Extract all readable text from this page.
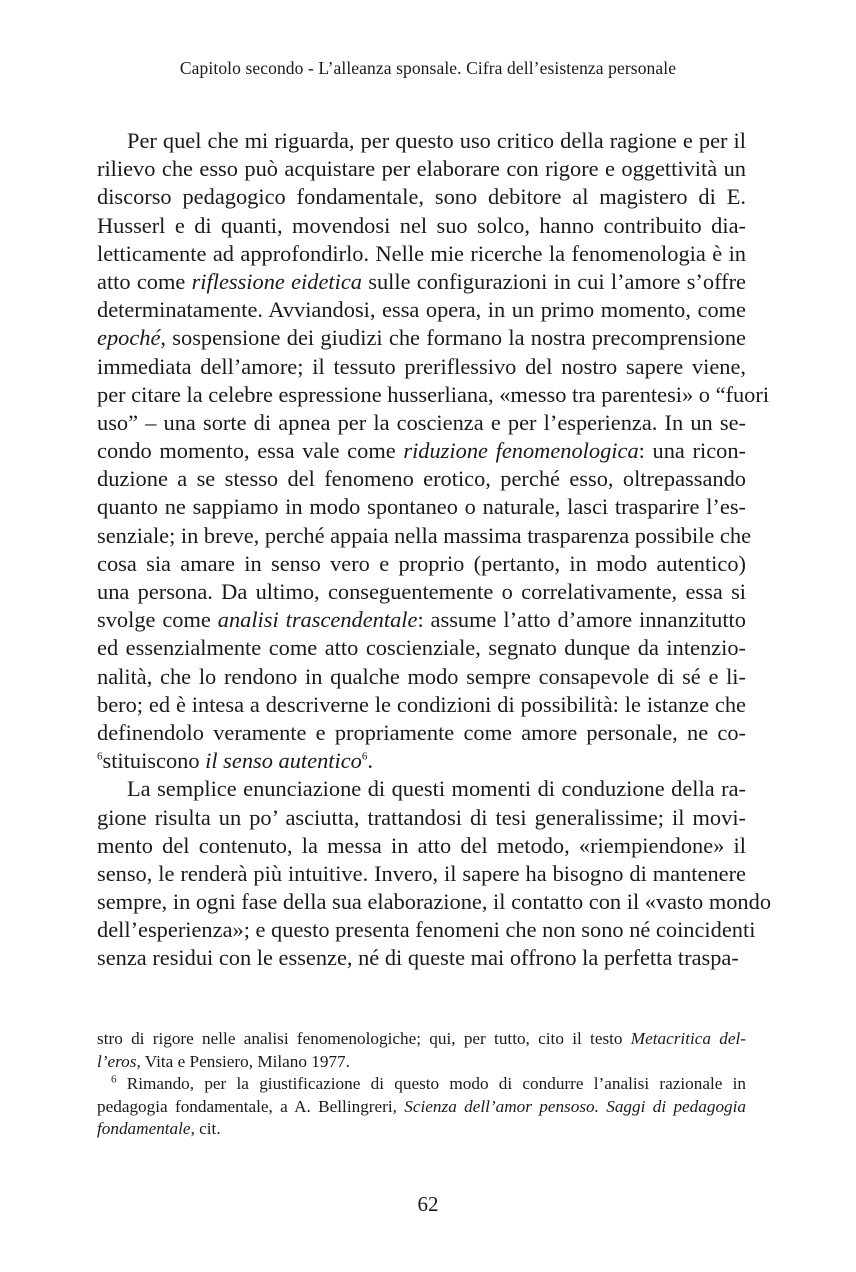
Capitolo secondo - L’alleanza sponsale. Cifra dell’esistenza personale
Per quel che mi riguarda, per questo uso critico della ragione e per il
rilievo che esso può acquistare per elaborare con rigore e oggettività un
discorso pedagogico fondamentale, sono debitore al magistero di E.
Husserl e di quanti, movendosi nel suo solco, hanno contribuito dia-
letticamente ad approfondirlo. Nelle mie ricerche la fenomenologia è in
atto come riflessione eidetica sulle configurazioni in cui l’amore s’offre
determinatamente. Avviandosi, essa opera, in un primo momento, come
epoché, sospensione dei giudizi che formano la nostra precomprensione
immediata dell’amore; il tessuto preriflessivo del nostro sapere viene,
per citare la celebre espressione husserliana, «messo tra parentesi» o “fuori
uso” – una sorte di apnea per la coscienza e per l’esperienza. In un se-
condo momento, essa vale come riduzione fenomenologica: una ricon-
duzione a se stesso del fenomeno erotico, perché esso, oltrepassando
quanto ne sappiamo in modo spontaneo o naturale, lasci trasparire l’es-
senziale; in breve, perché appaia nella massima trasparenza possibile che
cosa sia amare in senso vero e proprio (pertanto, in modo autentico)
una persona. Da ultimo, conseguentemente o correlativamente, essa si
svolge come analisi trascendentale: assume l’atto d’amore innanzitutto
ed essenzialmente come atto coscienziale, segnato dunque da intenzio-
nalità, che lo rendono in qualche modo sempre consapevole di sé e li-
bero; ed è intesa a descriverne le condizioni di possibilità: le istanze che
definendolo veramente e propriamente come amore personale, ne co-
$^6$stituiscono il senso autentico$^6$.
La semplice enunciazione di questi momenti di conduzione della ra-
gione risulta un po’ asciutta, trattandosi di tesi generalissime; il movi-
mento del contenuto, la messa in atto del metodo, «riempiendone» il
senso, le renderà più intuitive. Invero, il sapere ha bisogno di mantenere
sempre, in ogni fase della sua elaborazione, il contatto con il «vasto mondo
dell’esperienza»; e questo presenta fenomeni che non sono né coincidenti
senza residui con le essenze, né di queste mai offrono la perfetta traspa-
stro di rigore nelle analisi fenomenologiche; qui, per tutto, cito il testo Metacritica del-
l’eros, Vita e Pensiero, Milano 1977.
$^6$ Rimando, per la giustificazione di questo modo di condurre l’analisi razionale in
pedagogia fondamentale, a A. Bellingreri, Scienza dell’amor pensoso. Saggi di pedagogia
fondamentale, cit.
62
